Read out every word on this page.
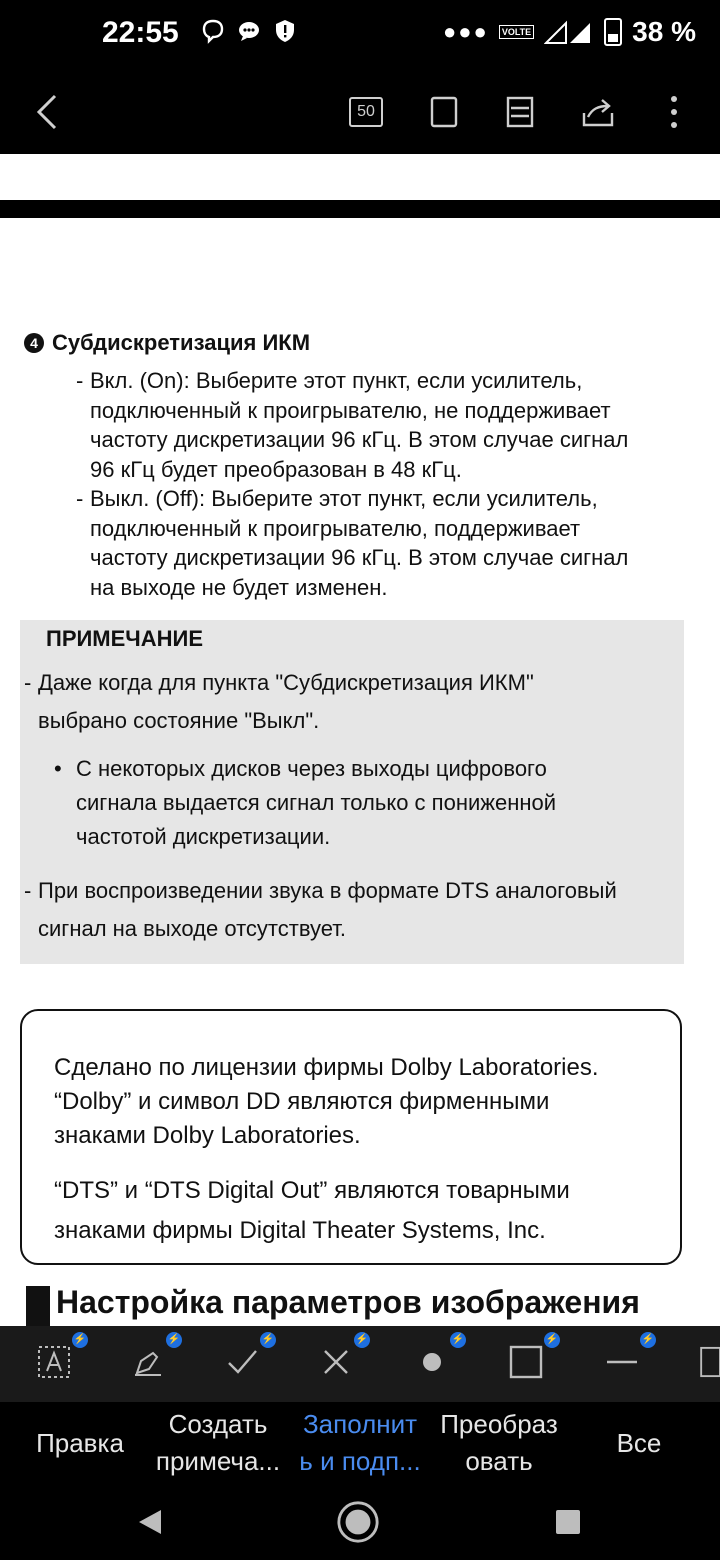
22:55	●●●	VOLTE	38 %
50
4 Субдискретизация ИКМ
- Вкл. (On): Выберите этот пункт, если усилитель,
подключенный к проигрывателю, не поддерживает
частоту дискретизации 96 кГц. В этом случае сигнал
96 кГц будет преобразован в 48 кГц.
- Выкл. (Off): Выберите этот пункт, если усилитель,
подключенный к проигрывателю, поддерживает
частоту дискретизации 96 кГц. В этом случае сигнал
на выходе не будет изменен.
ПРИМЕЧАНИЕ
- Даже когда для пункта "Субдискретизация ИКМ"
выбрано состояние "Выкл".
• С некоторых дисков через выходы цифрового
сигнала выдается сигнал только с пониженной
частотой дискретизации.
- При воспроизведении звука в формате DTS аналоговый
сигнал на выходе отсутствует.

Сделано по лицензии фирмы Dolby Laboratories.
“Dolby” и символ DD являются фирменными
знаками Dolby Laboratories.

“DTS” и “DTS Digital Out” являются товарными
знаками фирмы Digital Theater Systems, Inc.

Настройка параметров изображения
⚡	⚡	⚡	⚡	⚡	⚡	⚡
Правка
Создать
примеча...
Заполнит
ь и подп...
Преобраз
овать
Все
